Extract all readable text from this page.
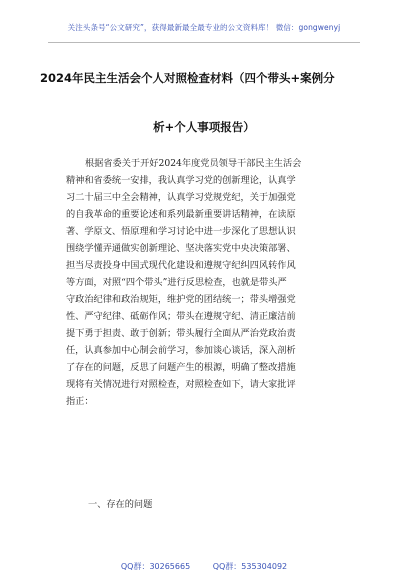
关注头条号“公文研究”，获得最新最全最专业的公文资料库！ 微信：gongwenyj
2024年民主生活会个人对照检查材料（四个带头+案例分
析+个人事项报告）
根据省委关于开好2024年度党员领导干部民主生活会
精神和省委统一安排，我认真学习党的创新理论，认真学
习二十届三中全会精神，认真学习党规党纪，关于加强党
的自我革命的重要论述和系列最新重要讲话精神，在读原
著、学原文、悟原理和学习讨论中进一步深化了思想认识
围绕学懂弄通做实创新理论、坚决落实党中央决策部署、
担当尽责投身中国式现代化建设和遵规守纪纠四风转作风
等方面，对照“四个带头”进行反思检查，也就是带头严
守政治纪律和政治规矩，维护党的团结统一；带头增强党
性、严守纪律、砥砺作风；带头在遵规守纪、清正廉洁前
提下勇于担责、敢于创新；带头履行全面从严治党政治责
任，认真参加中心制会前学习，参加谈心谈话，深入剖析
了存在的问题，反思了问题产生的根源，明确了整改措施
现将有关情况进行对照检查，对照检查如下，请大家批评
指正：
一、存在的问题
QQ群：30265665	QQ群：535304092
